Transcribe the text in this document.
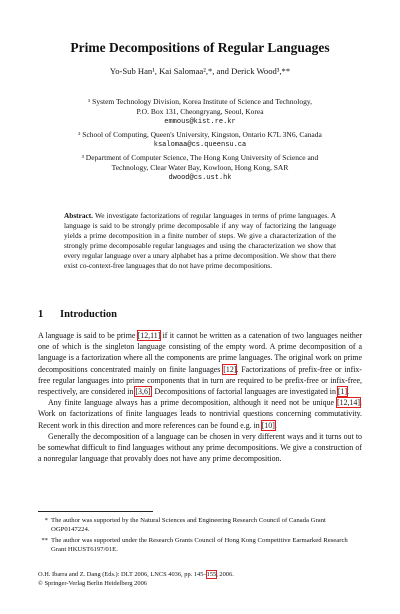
Prime Decompositions of Regular Languages
Yo-Sub Han¹, Kai Salomaa²,*, and Derick Wood³,**
¹ System Technology Division, Korea Institute of Science and Technology,
P.O. Box 131, Cheongryang, Seoul, Korea
emmous@kist.re.kr
² School of Computing, Queen's University, Kingston, Ontario K7L 3N6, Canada
ksalomaa@cs.queensu.ca
³ Department of Computer Science, The Hong Kong University of Science and
Technology, Clear Water Bay, Kowloon, Hong Kong, SAR
dwood@cs.ust.hk
Abstract. We investigate factorizations of regular languages in terms of prime languages. A language is said to be strongly prime decomposable if any way of factorizing the language yields a prime decomposition in a finite number of steps. We give a characterization of the strongly prime decomposable regular languages and using the characterization we show that every regular language over a unary alphabet has a prime decomposition. We show that there exist co-context-free languages that do not have prime decompositions.
1 Introduction

A language is said to be prime [12,11] if it cannot be written as a catenation of two languages neither one of which is the singleton language consisting of the empty word. A prime decomposition of a language is a factorization where all the components are prime languages. The original work on prime decompositions concentrated mainly on finite languages [12]. Factorizations of prefix-free or infix-free regular languages into prime components that in turn are required to be prefix-free or infix-free, respectively, are considered in [3,6]. Decompositions of factorial languages are investigated in [1].

Any finite language always has a prime decomposition, although it need not be unique [12,14]. Work on factorizations of finite languages leads to nontrivial questions concerning commutativity. Recent work in this direction and more references can be found e.g. in [10].

Generally the decomposition of a language can be chosen in very different ways and it turns out to be somewhat difficult to find languages without any prime decompositions. We give a construction of a nonregular language that provably does not have any prime decomposition.

* The author was supported by the Natural Sciences and Engineering Research Council of Canada Grant OGP0147224.
** The author was supported under the Research Grants Council of Hong Kong Competitive Earmarked Research Grant HKUST6197/01E.
O.H. Ibarra and Z. Dang (Eds.): DLT 2006, LNCS 4036, pp. 145–155, 2006.
© Springer-Verlag Berlin Heidelberg 2006
